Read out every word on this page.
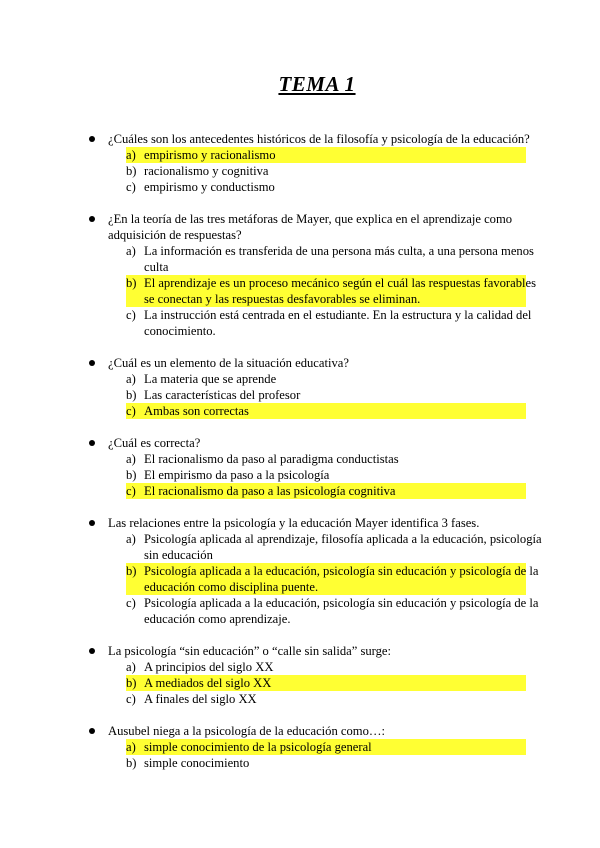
TEMA 1
¿Cuáles son los antecedentes históricos de la filosofía y psicología de la educación?
a) empirismo y racionalismo
b) racionalismo y cognitiva
c) empirismo y conductismo
¿En la teoría de las tres metáforas de Mayer, que explica en el aprendizaje como
adquisición de respuestas?
a) La información es transferida de una persona más culta, a una persona menos
culta
b) El aprendizaje es un proceso mecánico según el cuál las respuestas favorables
se conectan y las respuestas desfavorables se eliminan.
c) La instrucción está centrada en el estudiante. En la estructura y la calidad del
conocimiento.
¿Cuál es un elemento de la situación educativa?
a) La materia que se aprende
b) Las características del profesor
c) Ambas son correctas
¿Cuál es correcta?
a) El racionalismo da paso al paradigma conductistas
b) El empirismo da paso a la psicología
c) El racionalismo da paso a las psicología cognitiva
Las relaciones entre la psicología y la educación Mayer identifica 3 fases.
a) Psicología aplicada al aprendizaje, filosofía aplicada a la educación, psicología
sin educación
b) Psicología aplicada a la educación, psicología sin educación y psicología de la
educación como disciplina puente.
c) Psicología aplicada a la educación, psicología sin educación y psicología de la
educación como aprendizaje.
La psicología “sin educación” o “calle sin salida” surge:
a) A principios del siglo XX
b) A mediados del siglo XX
c) A finales del siglo XX
Ausubel niega a la psicología de la educación como…:
a) simple conocimiento de la psicología general
b) simple conocimiento
